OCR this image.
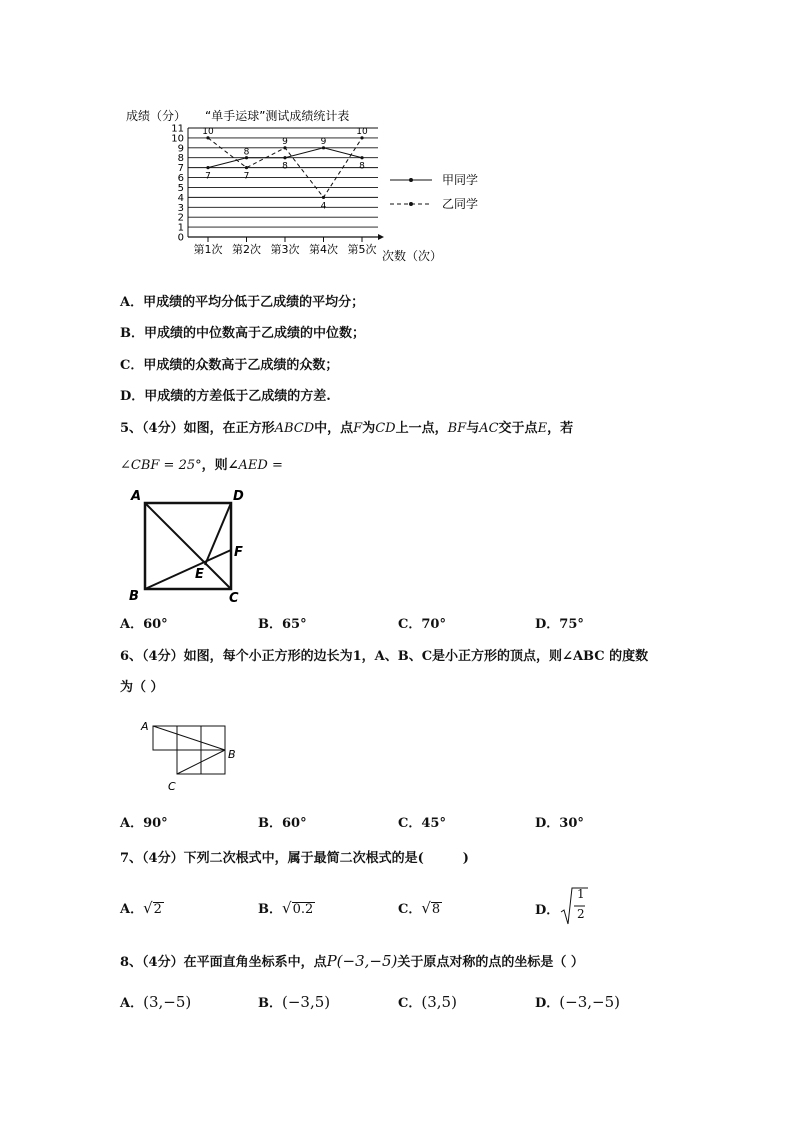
成绩（分） “单手运球”测试成绩统计表
0
1
2
3
4
5
6
7
8
9
10
11
第1次 第2次 第3次 第4次 第5次
7
10
8
7
8
9	9
4
8
10
次数（次）
甲同学
乙同学
A．甲成绩的平均分低于乙成绩的平均分；
B．甲成绩的中位数高于乙成绩的中位数；
C．甲成绩的众数高于乙成绩的众数；
D．甲成绩的方差低于乙成绩的方差.
5、（4分）如图，在正方形ABCD中，点F为CD上一点，BF与AC交于点E，若
∠CBF = 25°，则∠AED =
A	D
F
E
B	C
A．60°	B．65°	C．70°	D．75°
6、（4分）如图，每个小正方形的边长为1，A、B、C是小正方形的顶点，则∠ABC 的度数
为（ ）
A
B
C
A．90°	B．60°	C．45°	D．30°
7、（4分）下列二次根式中，属于最简二次根式的是(　　　)
A．√2	B．√0.2	C．√8	D．
1
2
8、（4分）在平面直角坐标系中，点P(−3,−5)关于原点对称的点的坐标是（ ）
A．(3,−5)	B．(−3,5)	C．(3,5)	D．(−3,−5)
